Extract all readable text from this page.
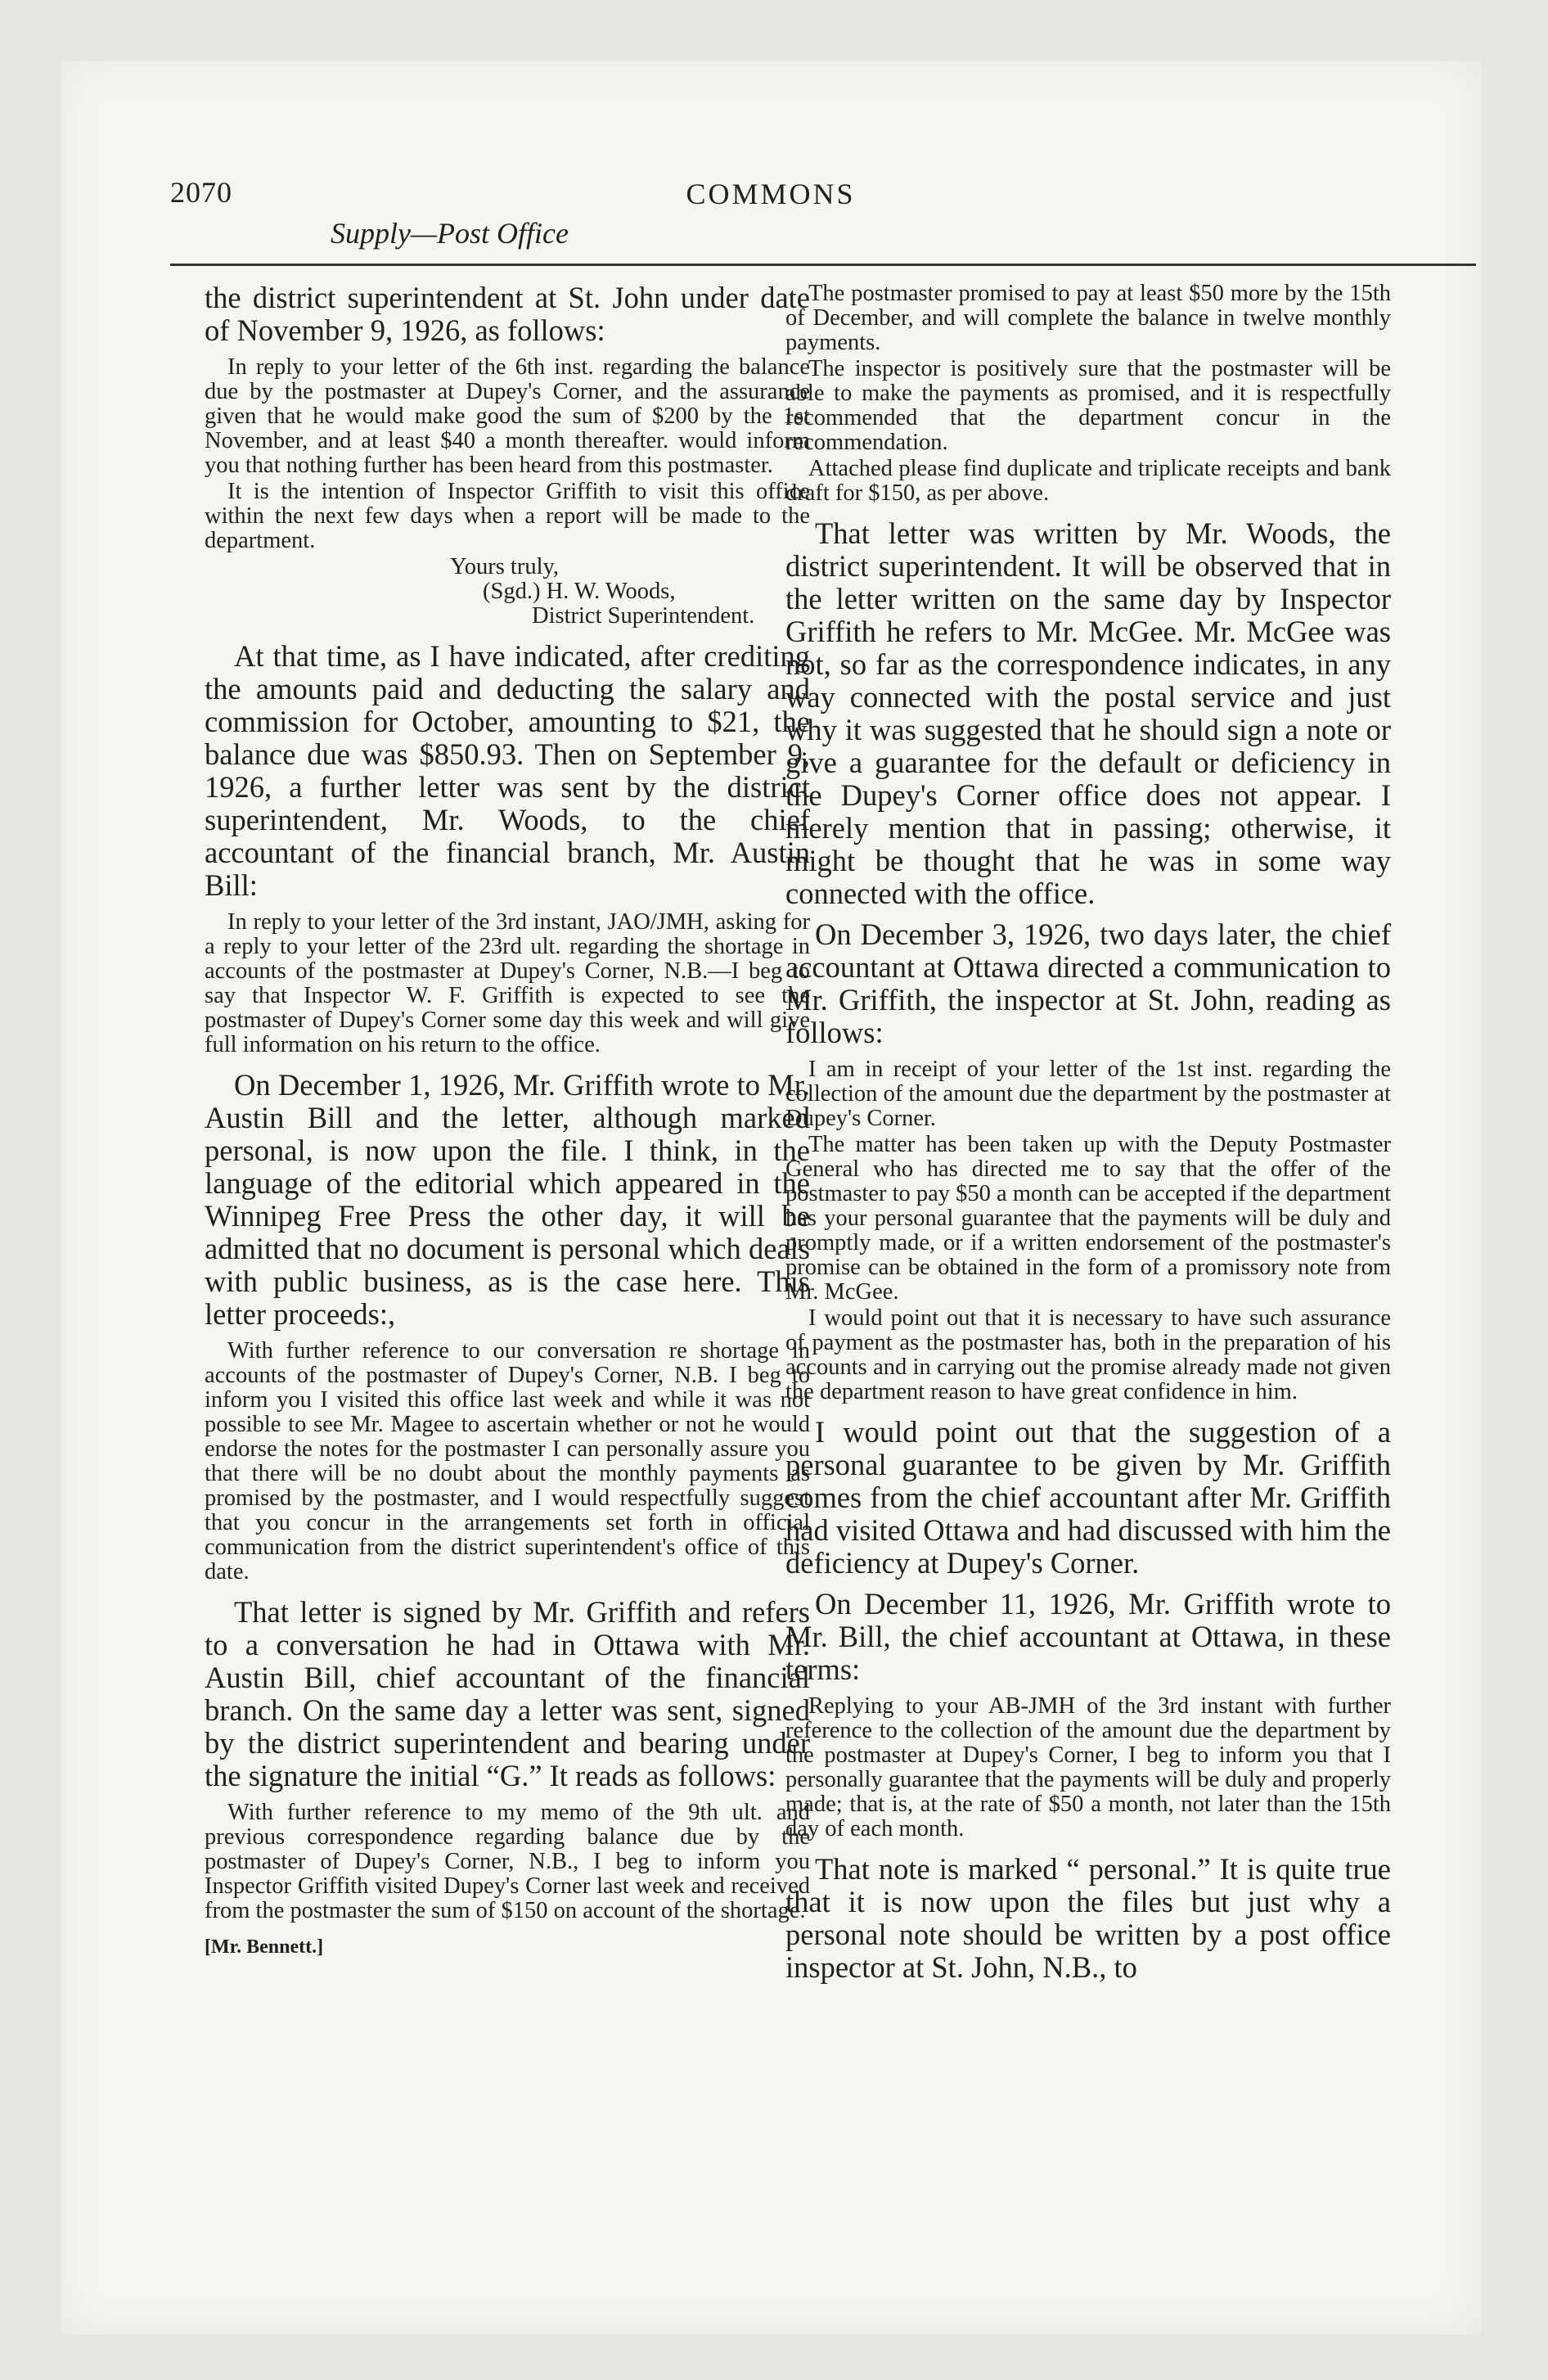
2070	COMMONS
Supply—Post Office

the district superintendent at St. John under date of November 9, 1926, as follows:

In reply to your letter of the 6th inst. regarding the balance due by the postmaster at Dupey's Corner, and the assurance given that he would make good the sum of $200 by the 1st November, and at least $40 a month thereafter. would inform you that nothing further has been heard from this postmaster.

It is the intention of Inspector Griffith to visit this office within the next few days when a report will be made to the department.

Yours truly,

(Sgd.) H. W. Woods,

District Superintendent.

At that time, as I have indicated, after crediting the amounts paid and deducting the salary and commission for October, amounting to $21, the balance due was $850.93. Then on September 9, 1926, a further letter was sent by the district superintendent, Mr. Woods, to the chief accountant of the financial branch, Mr. Austin Bill:

In reply to your letter of the 3rd instant, JAO/JMH, asking for a reply to your letter of the 23rd ult. regarding the shortage in accounts of the postmaster at Dupey's Corner, N.B.—I beg to say that Inspector W. F. Griffith is expected to see the postmaster of Dupey's Corner some day this week and will give full information on his return to the office.

On December 1, 1926, Mr. Griffith wrote to Mr. Austin Bill and the letter, although marked personal, is now upon the file. I think, in the language of the editorial which appeared in the Winnipeg Free Press the other day, it will be admitted that no document is personal which deals with public business, as is the case here. This letter proceeds:,

With further reference to our conversation re shortage in accounts of the postmaster of Dupey's Corner, N.B. I beg to inform you I visited this office last week and while it was not possible to see Mr. Magee to ascertain whether or not he would endorse the notes for the postmaster I can personally assure you that there will be no doubt about the monthly payments as promised by the postmaster, and I would respectfully suggest that you concur in the arrangements set forth in official communication from the district superintendent's office of this date.

That letter is signed by Mr. Griffith and refers to a conversation he had in Ottawa with Mr. Austin Bill, chief accountant of the financial branch. On the same day a letter was sent, signed by the district superintendent and bearing under the signature the initial “G.” It reads as follows:

With further reference to my memo of the 9th ult. and previous correspondence regarding balance due by the postmaster of Dupey's Corner, N.B., I beg to inform you Inspector Griffith visited Dupey's Corner last week and received from the postmaster the sum of $150 on account of the shortage.

[Mr. Bennett.]

The postmaster promised to pay at least $50 more by the 15th of December, and will complete the balance in twelve monthly payments.

The inspector is positively sure that the postmaster will be able to make the payments as promised, and it is respectfully recommended that the department concur in the recommendation.

Attached please find duplicate and triplicate receipts and bank draft for $150, as per above.

That letter was written by Mr. Woods, the district superintendent. It will be observed that in the letter written on the same day by Inspector Griffith he refers to Mr. McGee. Mr. McGee was not, so far as the correspondence indicates, in any way connected with the postal service and just why it was suggested that he should sign a note or give a guarantee for the default or deficiency in the Dupey's Corner office does not appear. I merely mention that in passing; otherwise, it might be thought that he was in some way connected with the office.

On December 3, 1926, two days later, the chief accountant at Ottawa directed a communication to Mr. Griffith, the inspector at St. John, reading as follows:

I am in receipt of your letter of the 1st inst. regarding the collection of the amount due the department by the postmaster at Dupey's Corner.

The matter has been taken up with the Deputy Postmaster General who has directed me to say that the offer of the postmaster to pay $50 a month can be accepted if the department has your personal guarantee that the payments will be duly and promptly made, or if a written endorsement of the postmaster's promise can be obtained in the form of a promissory note from Mr. McGee.

I would point out that it is necessary to have such assurance of payment as the postmaster has, both in the preparation of his accounts and in carrying out the promise already made not given the department reason to have great confidence in him.

I would point out that the suggestion of a personal guarantee to be given by Mr. Griffith comes from the chief accountant after Mr. Griffith had visited Ottawa and had discussed with him the deficiency at Dupey's Corner.

On December 11, 1926, Mr. Griffith wrote to Mr. Bill, the chief accountant at Ottawa, in these terms:

Replying to your AB-JMH of the 3rd instant with further reference to the collection of the amount due the department by the postmaster at Dupey's Corner, I beg to inform you that I personally guarantee that the payments will be duly and properly made; that is, at the rate of $50 a month, not later than the 15th day of each month.

That note is marked “ personal.” It is quite true that it is now upon the files but just why a personal note should be written by a post office inspector at St. John, N.B., to
